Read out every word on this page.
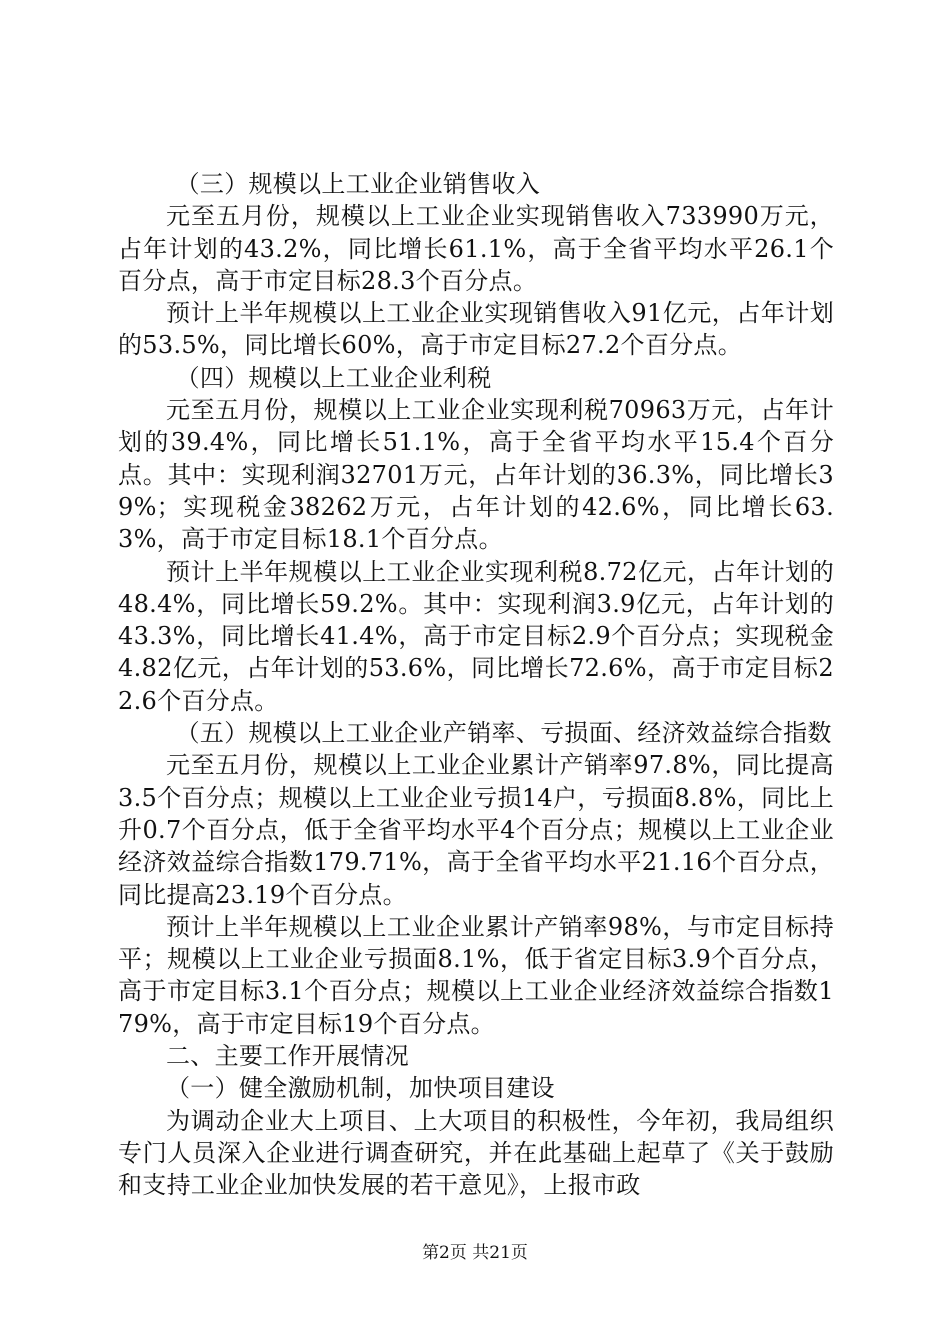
（三）规模以上工业企业销售收入

元至五月份，规模以上工业企业实现销售收入733990万元，占年计划的43.2%，同比增长61.1%，高于全省平均水平26.1个百分点，高于市定目标28.3个百分点。

预计上半年规模以上工业企业实现销售收入91亿元，占年计划的53.5%，同比增长60%，高于市定目标27.2个百分点。

（四）规模以上工业企业利税

元至五月份，规模以上工业企业实现利税70963万元，占年计划的39.4%，同比增长51.1%，高于全省平均水平15.4个百分点。其中：实现利润32701万元，占年计划的36.3%，同比增长39%；实现税金38262万元，占年计划的42.6%，同比增长63.3%，高于市定目标18.1个百分点。

预计上半年规模以上工业企业实现利税8.72亿元，占年计划的48.4%，同比增长59.2%。其中：实现利润3.9亿元，占年计划的43.3%，同比增长41.4%，高于市定目标2.9个百分点；实现税金4.82亿元，占年计划的53.6%，同比增长72.6%，高于市定目标22.6个百分点。

（五）规模以上工业企业产销率、亏损面、经济效益综合指数

元至五月份，规模以上工业企业累计产销率97.8%，同比提高3.5个百分点；规模以上工业企业亏损14户，亏损面8.8%，同比上升0.7个百分点，低于全省平均水平4个百分点；规模以上工业企业经济效益综合指数179.71%，高于全省平均水平21.16个百分点，同比提高23.19个百分点。

预计上半年规模以上工业企业累计产销率98%，与市定目标持平；规模以上工业企业亏损面8.1%，低于省定目标3.9个百分点，高于市定目标3.1个百分点；规模以上工业企业经济效益综合指数179%，高于市定目标19个百分点。

二、主要工作开展情况

（一）健全激励机制，加快项目建设

为调动企业大上项目、上大项目的积极性，今年初，我局组织专门人员深入企业进行调查研究，并在此基础上起草了《关于鼓励和支持工业企业加快发展的若干意见》，上报市政

第2页 共21页
